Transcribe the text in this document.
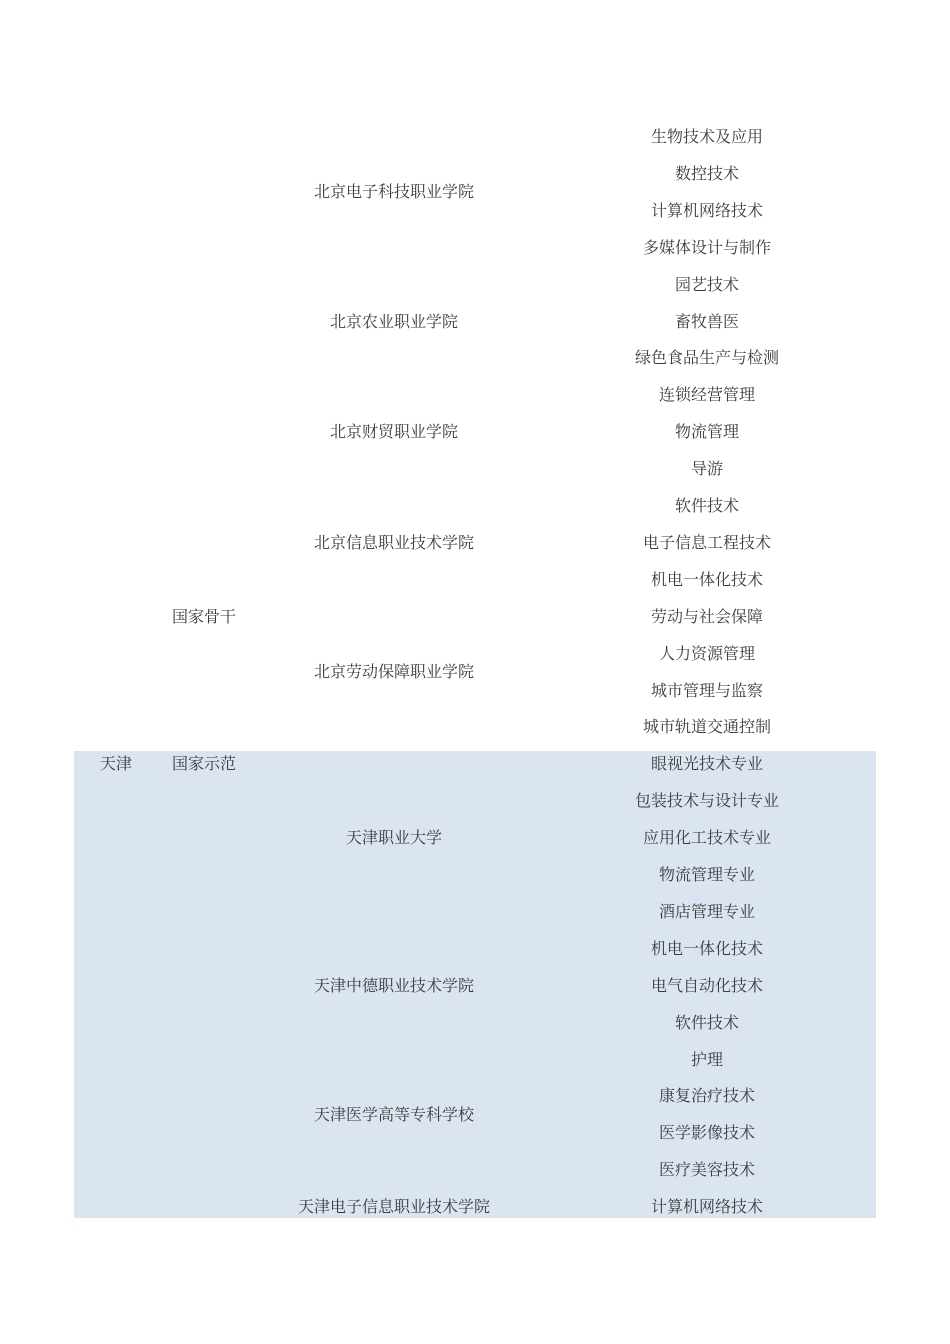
国家骨干
北京电子科技职业学院
生物技术及应用
数控技术
计算机网络技术
北京农业职业学院
多媒体设计与制作
园艺技术
畜牧兽医
绿色食品生产与检测
北京财贸职业学院
连锁经营管理
物流管理
导游
北京信息职业技术学院
软件技术
电子信息工程技术
机电一体化技术
北京劳动保障职业学院
劳动与社会保障
人力资源管理
城市管理与监察
城市轨道交通控制
天津	国家示范
天津职业大学
眼视光技术专业
包装技术与设计专业
应用化工技术专业
物流管理专业
酒店管理专业
天津中德职业技术学院
机电一体化技术
电气自动化技术
软件技术
天津医学高等专科学校
护理
康复治疗技术
医学影像技术
医疗美容技术
天津电子信息职业技术学院	计算机网络技术
